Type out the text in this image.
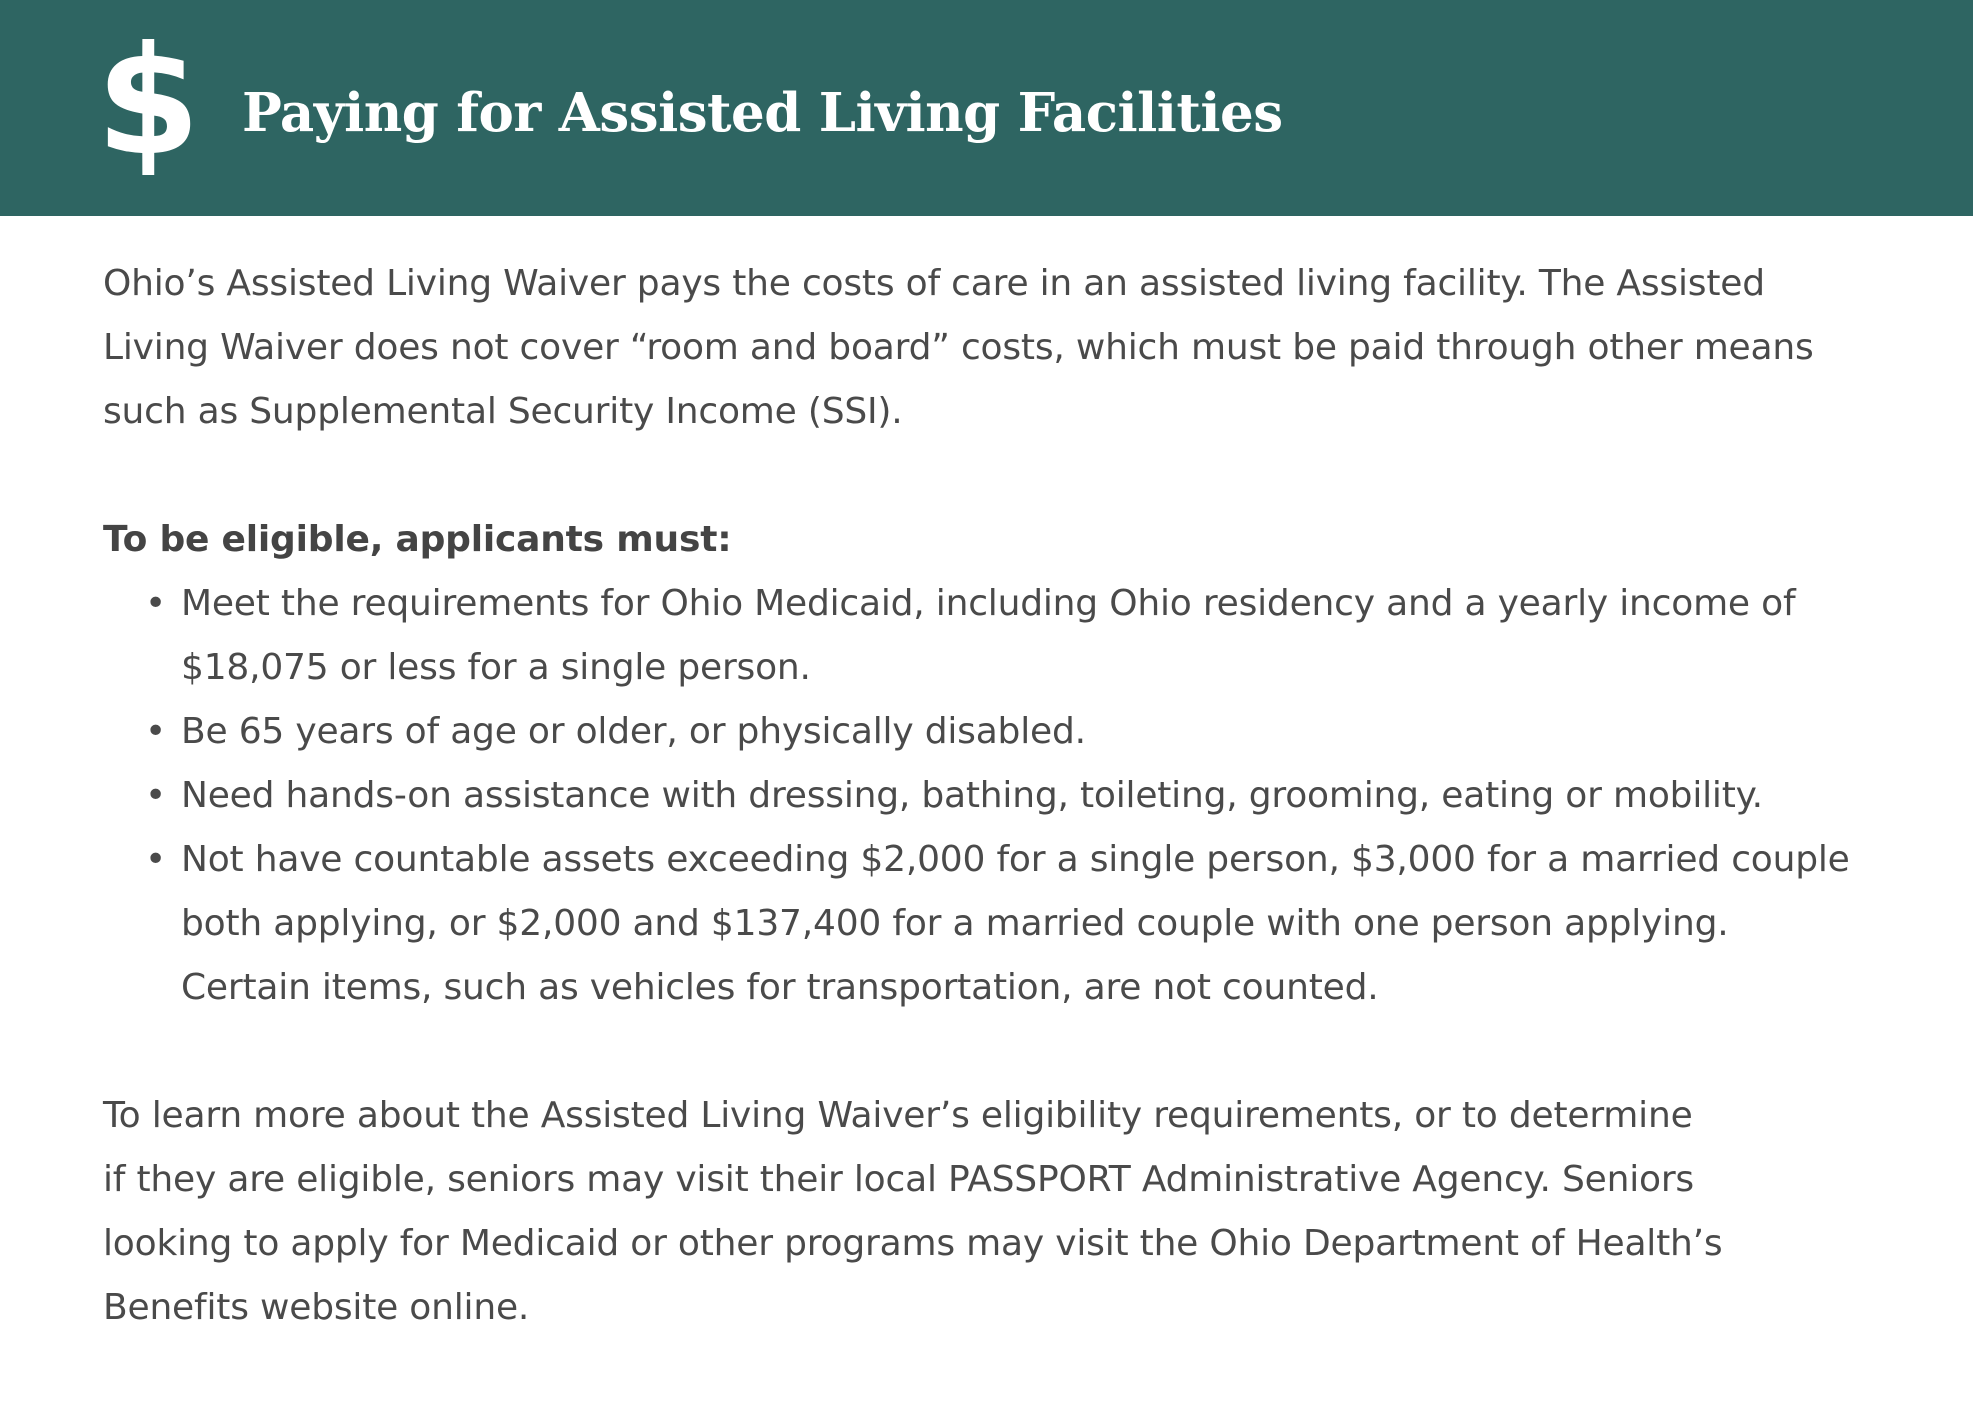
$ Paying for Assisted Living Facilities

Ohio’s Assisted Living Waiver pays the costs of care in an assisted living facility. The Assisted
Living Waiver does not cover “room and board” costs, which must be paid through other means
such as Supplemental Security Income (SSI).

To be eligible, applicants must:

• Meet the requirements for Ohio Medicaid, including Ohio residency and a yearly income of
$18,075 or less for a single person.
• Be 65 years of age or older, or physically disabled.
• Need hands-on assistance with dressing, bathing, toileting, grooming, eating or mobility.
• Not have countable assets exceeding $2,000 for a single person, $3,000 for a married couple
both applying, or $2,000 and $137,400 for a married couple with one person applying.
Certain items, such as vehicles for transportation, are not counted.

To learn more about the Assisted Living Waiver’s eligibility requirements, or to determine
if they are eligible, seniors may visit their local PASSPORT Administrative Agency. Seniors
looking to apply for Medicaid or other programs may visit the Ohio Department of Health’s
Benefits website online.
